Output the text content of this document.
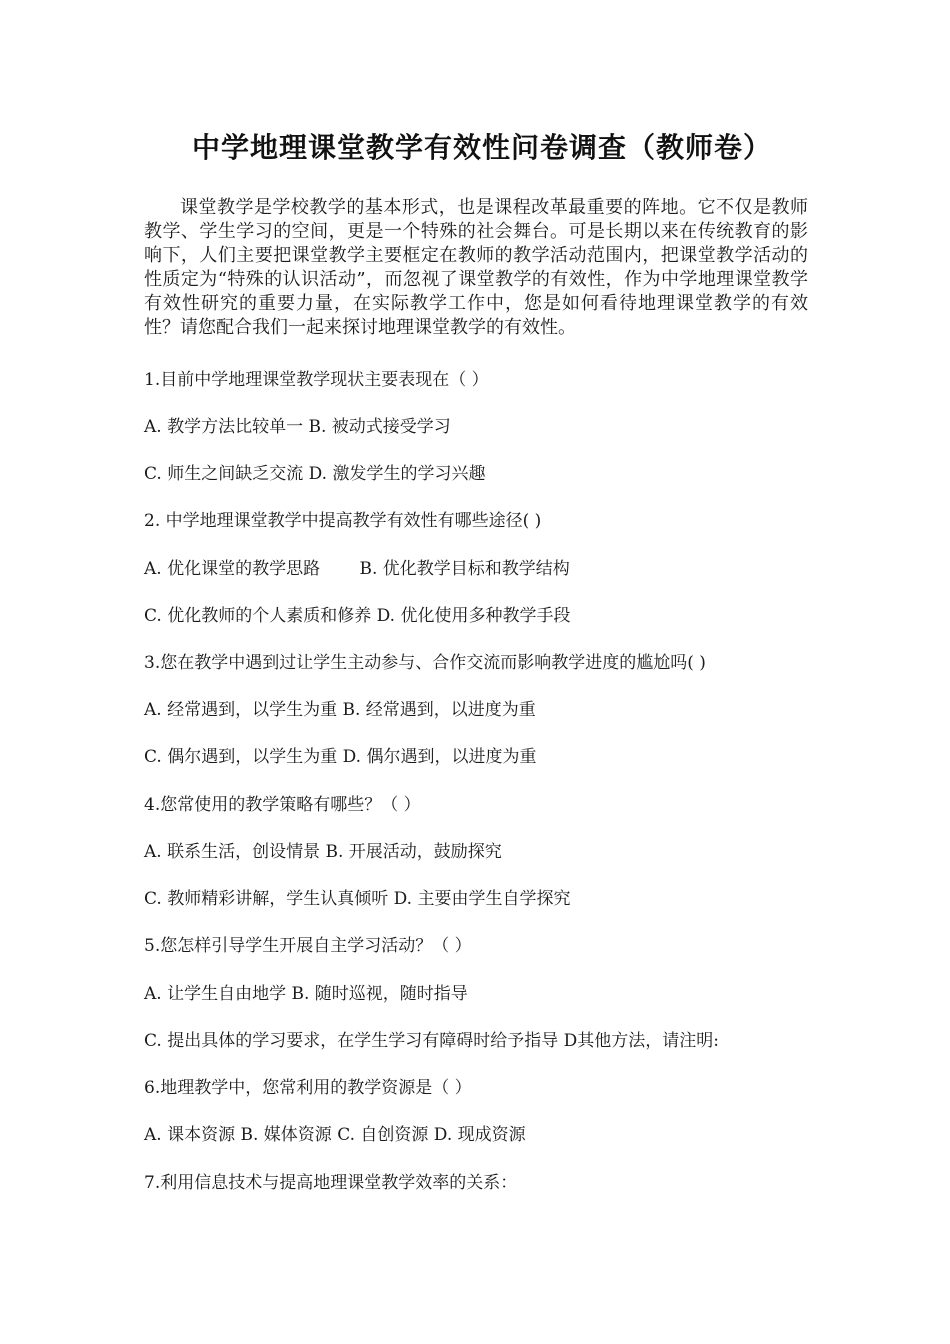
中学地理课堂教学有效性问卷调查（教师卷）

课堂教学是学校教学的基本形式，也是课程改革最重要的阵地。它不仅是教师教学、学生学习的空间，更是一个特殊的社会舞台。可是长期以来在传统教育的影响下，人们主要把课堂教学主要框定在教师的教学活动范围内，把课堂教学活动的性质定为“特殊的认识活动”，而忽视了课堂教学的有效性，作为中学地理课堂教学有效性研究的重要力量，在实际教学工作中，您是如何看待地理课堂教学的有效性？请您配合我们一起来探讨地理课堂教学的有效性。

1.目前中学地理课堂教学现状主要表现在（ ）

A. 教学方法比较单一 B. 被动式接受学习

C. 师生之间缺乏交流 D. 激发学生的学习兴趣

2. 中学地理课堂教学中提高教学有效性有哪些途径( )

A. 优化课堂的教学思路　　 B. 优化教学目标和教学结构

C. 优化教师的个人素质和修养 D. 优化使用多种教学手段

3.您在教学中遇到过让学生主动参与、合作交流而影响教学进度的尴尬吗( )

A. 经常遇到，以学生为重 B. 经常遇到，以进度为重

C. 偶尔遇到，以学生为重 D. 偶尔遇到，以进度为重

4.您常使用的教学策略有哪些？（ ）

A. 联系生活，创设情景 B. 开展活动，鼓励探究

C. 教师精彩讲解，学生认真倾听 D. 主要由学生自学探究

5.您怎样引导学生开展自主学习活动？（ ）

A. 让学生自由地学 B. 随时巡视，随时指导

C. 提出具体的学习要求，在学生学习有障碍时给予指导 D其他方法，请注明:

6.地理教学中，您常利用的教学资源是（ ）

A. 课本资源 B. 媒体资源 C. 自创资源 D. 现成资源

7.利用信息技术与提高地理课堂教学效率的关系：
